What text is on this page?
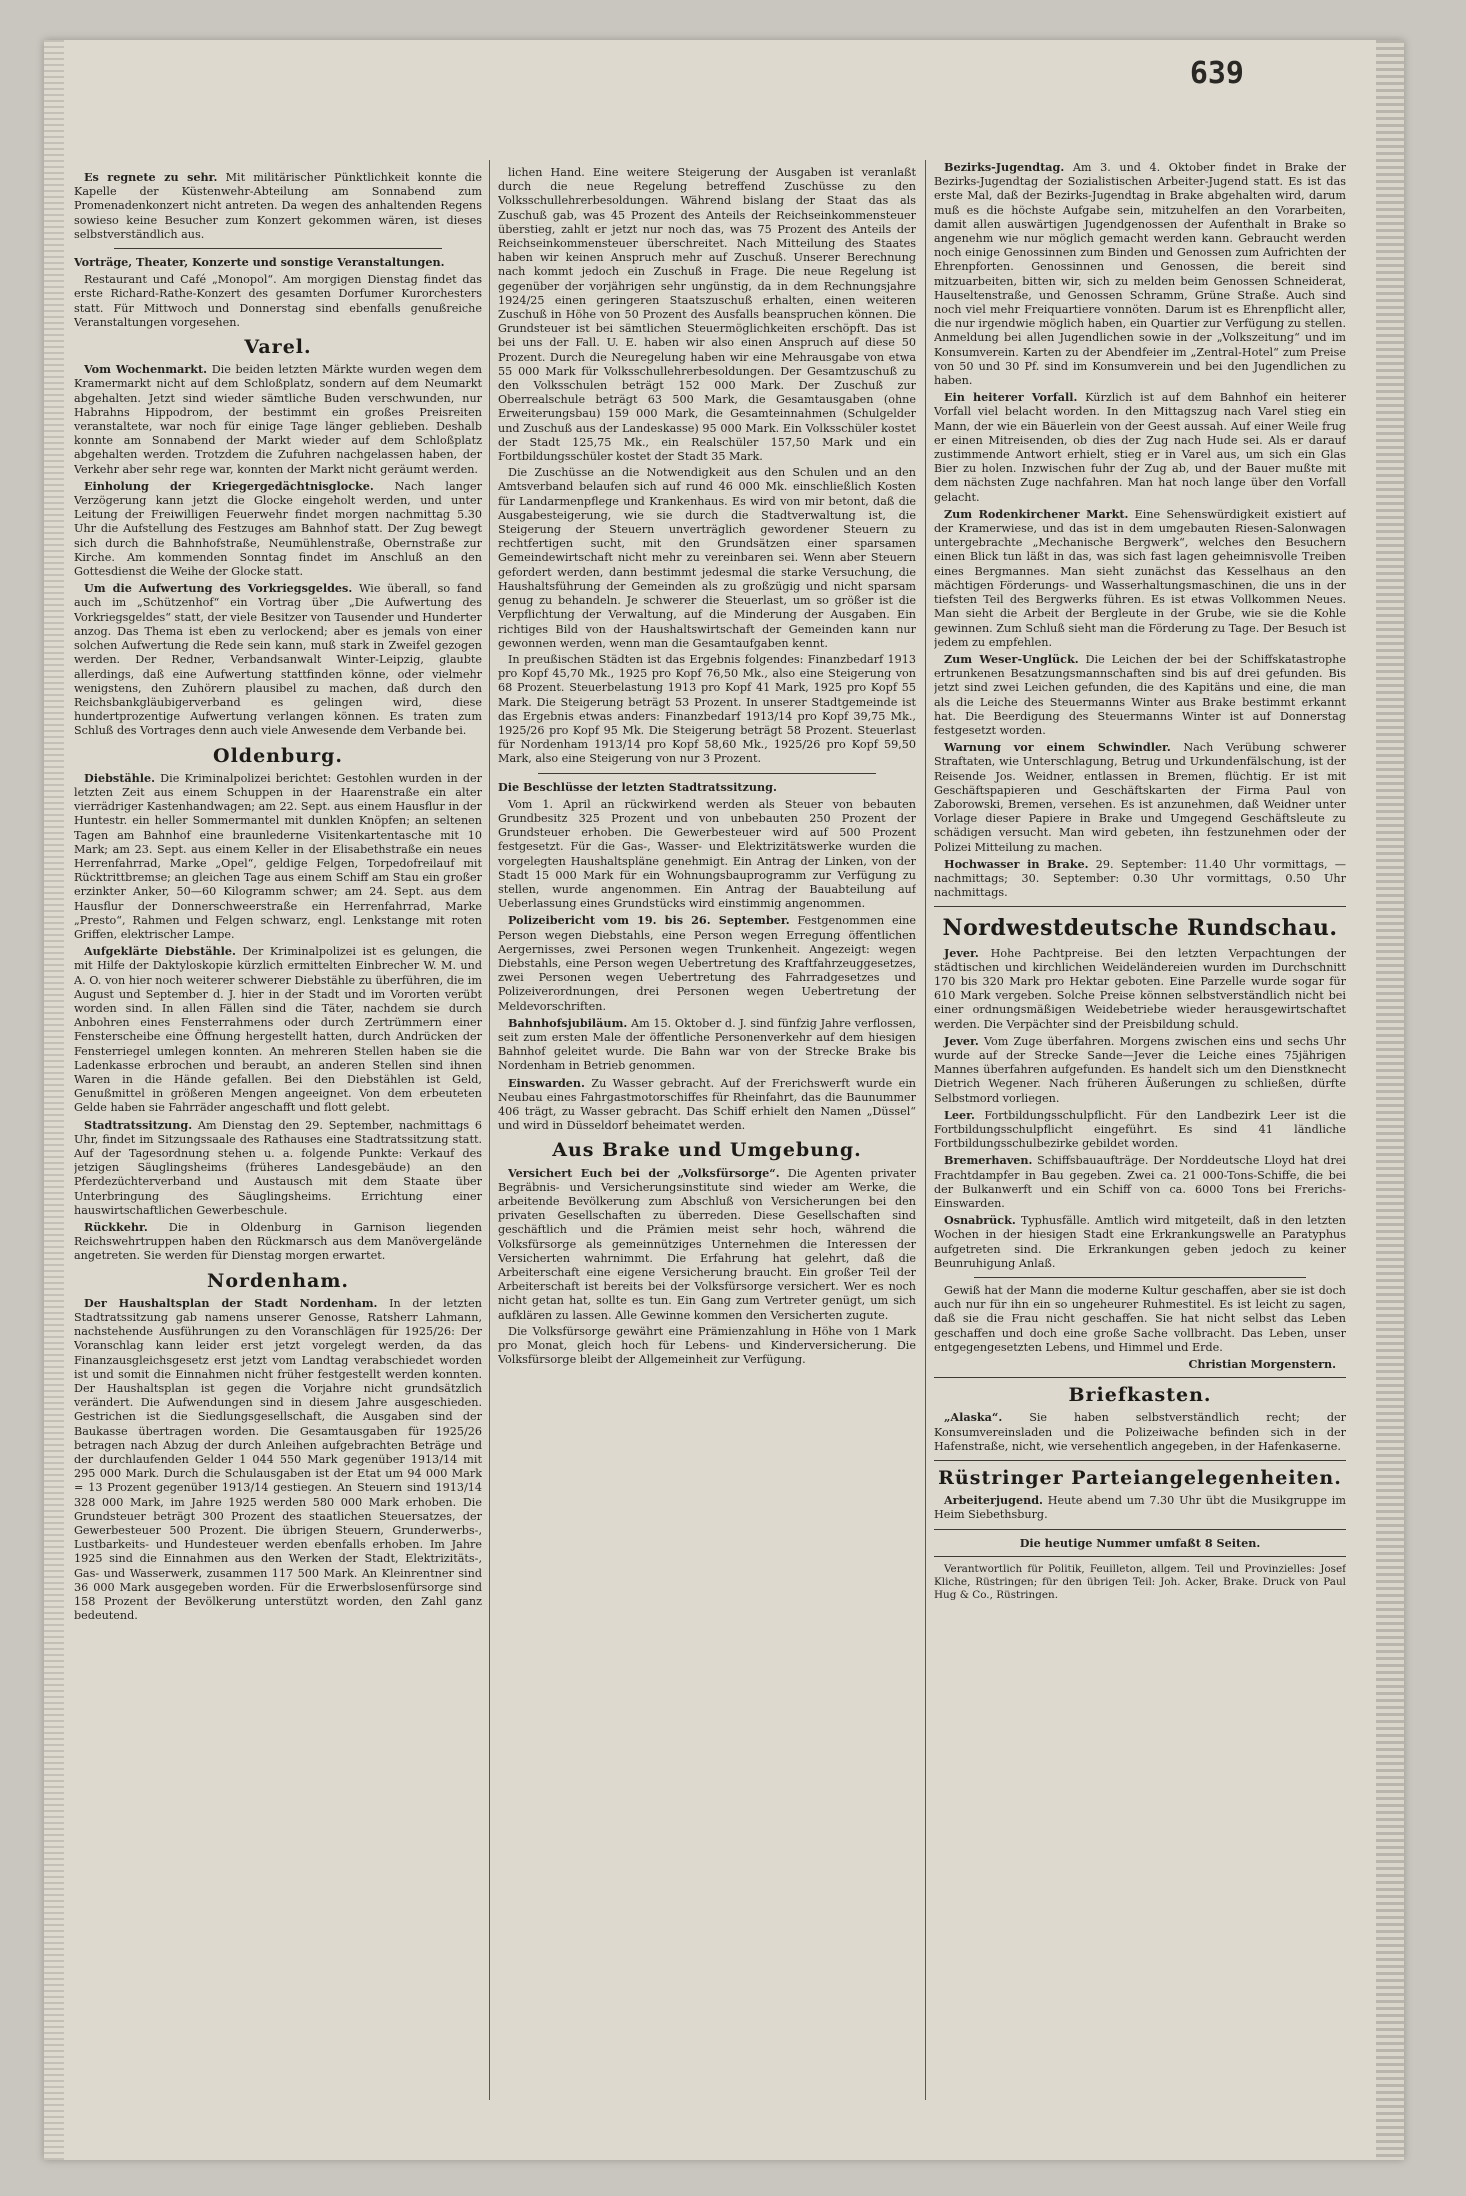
639

Es regnete zu sehr. Mit militärischer Pünktlichkeit konnte die Kapelle der Küstenwehr-Abteilung am Sonnabend zum Promenadenkonzert nicht antreten. Da wegen des anhaltenden Regens sowieso keine Besucher zum Konzert gekommen wären, ist dieses selbstverständlich aus.

Vorträge, Theater, Konzerte und sonstige Veranstaltungen.

Restaurant und Café „Monopol“. Am morgigen Dienstag findet das erste Richard-Rathe-Konzert des gesamten Dorfumer Kurorchesters statt. Für Mittwoch und Donnerstag sind ebenfalls genußreiche Veranstaltungen vorgesehen.

Varel.

Vom Wochenmarkt. Die beiden letzten Märkte wurden wegen dem Kramermarkt nicht auf dem Schloßplatz, sondern auf dem Neumarkt abgehalten. Jetzt sind wieder sämtliche Buden verschwunden, nur Habrahns Hippodrom, der bestimmt ein großes Preisreiten veranstaltete, war noch für einige Tage länger geblieben. Deshalb konnte am Sonnabend der Markt wieder auf dem Schloßplatz abgehalten werden. Trotzdem die Zufuhren nachgelassen haben, der Verkehr aber sehr rege war, konnten der Markt nicht geräumt werden.

Einholung der Kriegergedächtnisglocke. Nach langer Verzögerung kann jetzt die Glocke eingeholt werden, und unter Leitung der Freiwilligen Feuerwehr findet morgen nachmittag 5.30 Uhr die Aufstellung des Festzuges am Bahnhof statt. Der Zug bewegt sich durch die Bahnhofstraße, Neumühlenstraße, Obernstraße zur Kirche. Am kommenden Sonntag findet im Anschluß an den Gottesdienst die Weihe der Glocke statt.

Um die Aufwertung des Vorkriegsgeldes. Wie überall, so fand auch im „Schützenhof“ ein Vortrag über „Die Aufwertung des Vorkriegsgeldes“ statt, der viele Besitzer von Tausender und Hunderter anzog. Das Thema ist eben zu verlockend; aber es jemals von einer solchen Aufwertung die Rede sein kann, muß stark in Zweifel gezogen werden. Der Redner, Verbandsanwalt Winter-Leipzig, glaubte allerdings, daß eine Aufwertung stattfinden könne, oder vielmehr wenigstens, den Zuhörern plausibel zu machen, daß durch den Reichsbankgläubigerverband es gelingen wird, diese hundertprozentige Aufwertung verlangen können. Es traten zum Schluß des Vortrages denn auch viele Anwesende dem Verbande bei.

Oldenburg.

Diebstähle. Die Kriminalpolizei berichtet: Gestohlen wurden in der letzten Zeit aus einem Schuppen in der Haarenstraße ein alter vierrädriger Kastenhandwagen; am 22. Sept. aus einem Hausflur in der Huntestr. ein heller Sommermantel mit dunklen Knöpfen; an seltenen Tagen am Bahnhof eine braunlederne Visitenkartentasche mit 10 Mark; am 23. Sept. aus einem Keller in der Elisabethstraße ein neues Herrenfahrrad, Marke „Opel“, geldige Felgen, Torpedofreilauf mit Rücktrittbremse; an gleichen Tage aus einem Schiff am Stau ein großer erzinkter Anker, 50—60 Kilogramm schwer; am 24. Sept. aus dem Hausflur der Donnerschweerstraße ein Herrenfahrrad, Marke „Presto“, Rahmen und Felgen schwarz, engl. Lenkstange mit roten Griffen, elektrischer Lampe.

Aufgeklärte Diebstähle. Der Kriminalpolizei ist es gelungen, die mit Hilfe der Daktyloskopie kürzlich ermittelten Einbrecher W. M. und A. O. von hier noch weiterer schwerer Diebstähle zu überführen, die im August und September d. J. hier in der Stadt und im Vororten verübt worden sind. In allen Fällen sind die Täter, nachdem sie durch Anbohren eines Fensterrahmens oder durch Zertrümmern einer Fensterscheibe eine Öffnung hergestellt hatten, durch Andrücken der Fensterriegel umlegen konnten. An mehreren Stellen haben sie die Ladenkasse erbrochen und beraubt, an anderen Stellen sind ihnen Waren in die Hände gefallen. Bei den Diebstählen ist Geld, Genußmittel in größeren Mengen angeeignet. Von dem erbeuteten Gelde haben sie Fahrräder angeschafft und flott gelebt.

Stadtratssitzung. Am Dienstag den 29. September, nachmittags 6 Uhr, findet im Sitzungssaale des Rathauses eine Stadtratssitzung statt. Auf der Tagesordnung stehen u. a. folgende Punkte: Verkauf des jetzigen Säuglingsheims (früheres Landesgebäude) an den Pferdezüchterverband und Austausch mit dem Staate über Unterbringung des Säuglingsheims. Errichtung einer hauswirtschaftlichen Gewerbeschule.

Rückkehr. Die in Oldenburg in Garnison liegenden Reichswehrtruppen haben den Rückmarsch aus dem Manövergelände angetreten. Sie werden für Dienstag morgen erwartet.

Nordenham.

Der Haushaltsplan der Stadt Nordenham. In der letzten Stadtratssitzung gab namens unserer Genosse, Ratsherr Lahmann, nachstehende Ausführungen zu den Voranschlägen für 1925/26: Der Voranschlag kann leider erst jetzt vorgelegt werden, da das Finanzausgleichsgesetz erst jetzt vom Landtag verabschiedet worden ist und somit die Einnahmen nicht früher festgestellt werden konnten. Der Haushaltsplan ist gegen die Vorjahre nicht grundsätzlich verändert. Die Aufwendungen sind in diesem Jahre ausgeschieden. Gestrichen ist die Siedlungsgesellschaft, die Ausgaben sind der Baukasse übertragen worden. Die Gesamtausgaben für 1925/26 betragen nach Abzug der durch Anleihen aufgebrachten Beträge und der durchlaufenden Gelder 1 044 550 Mark gegenüber 1913/14 mit 295 000 Mark. Durch die Schulausgaben ist der Etat um 94 000 Mark = 13 Prozent gegenüber 1913/14 gestiegen. An Steuern sind 1913/14 328 000 Mark, im Jahre 1925 werden 580 000 Mark erhoben. Die Grundsteuer beträgt 300 Prozent des staatlichen Steuersatzes, der Gewerbesteuer 500 Prozent. Die übrigen Steuern, Grunderwerbs-, Lustbarkeits- und Hundesteuer werden ebenfalls erhoben. Im Jahre 1925 sind die Einnahmen aus den Werken der Stadt, Elektrizitäts-, Gas- und Wasserwerk, zusammen 117 500 Mark. An Kleinrentner sind 36 000 Mark ausgegeben worden. Für die Erwerbslosenfürsorge sind 158 Prozent der Bevölkerung unterstützt worden, den Zahl ganz bedeutend.

lichen Hand. Eine weitere Steigerung der Ausgaben ist veranlaßt durch die neue Regelung betreffend Zuschüsse zu den Volksschullehrerbesoldungen. Während bislang der Staat das als Zuschuß gab, was 45 Prozent des Anteils der Reichseinkommensteuer überstieg, zahlt er jetzt nur noch das, was 75 Prozent des Anteils der Reichseinkommensteuer überschreitet. Nach Mitteilung des Staates haben wir keinen Anspruch mehr auf Zuschuß. Unserer Berechnung nach kommt jedoch ein Zuschuß in Frage. Die neue Regelung ist gegenüber der vorjährigen sehr ungünstig, da in dem Rechnungsjahre 1924/25 einen geringeren Staatszuschuß erhalten, einen weiteren Zuschuß in Höhe von 50 Prozent des Ausfalls beanspruchen können. Die Grundsteuer ist bei sämtlichen Steuermöglichkeiten erschöpft. Das ist bei uns der Fall. U. E. haben wir also einen Anspruch auf diese 50 Prozent. Durch die Neuregelung haben wir eine Mehrausgabe von etwa 55 000 Mark für Volksschullehrerbesoldungen. Der Gesamtzuschuß zu den Volksschulen beträgt 152 000 Mark. Der Zuschuß zur Oberrealschule beträgt 63 500 Mark, die Gesamtausgaben (ohne Erweiterungsbau) 159 000 Mark, die Gesamteinnahmen (Schulgelder und Zuschuß aus der Landeskasse) 95 000 Mark. Ein Volksschüler kostet der Stadt 125,75 Mk., ein Realschüler 157,50 Mark und ein Fortbildungsschüler kostet der Stadt 35 Mark.

Die Zuschüsse an die Notwendigkeit aus den Schulen und an den Amtsverband belaufen sich auf rund 46 000 Mk. einschließlich Kosten für Landarmenpflege und Krankenhaus. Es wird von mir betont, daß die Ausgabesteigerung, wie sie durch die Stadtverwaltung ist, die Steigerung der Steuern unverträglich gewordener Steuern zu rechtfertigen sucht, mit den Grundsätzen einer sparsamen Gemeindewirtschaft nicht mehr zu vereinbaren sei. Wenn aber Steuern gefordert werden, dann bestimmt jedesmal die starke Versuchung, die Haushaltsführung der Gemeinden als zu großzügig und nicht sparsam genug zu behandeln. Je schwerer die Steuerlast, um so größer ist die Verpflichtung der Verwaltung, auf die Minderung der Ausgaben. Ein richtiges Bild von der Haushaltswirtschaft der Gemeinden kann nur gewonnen werden, wenn man die Gesamtaufgaben kennt.

In preußischen Städten ist das Ergebnis folgendes: Finanzbedarf 1913 pro Kopf 45,70 Mk., 1925 pro Kopf 76,50 Mk., also eine Steigerung von 68 Prozent. Steuerbelastung 1913 pro Kopf 41 Mark, 1925 pro Kopf 55 Mark. Die Steigerung beträgt 53 Prozent. In unserer Stadtgemeinde ist das Ergebnis etwas anders: Finanzbedarf 1913/14 pro Kopf 39,75 Mk., 1925/26 pro Kopf 95 Mk. Die Steigerung beträgt 58 Prozent. Steuerlast für Nordenham 1913/14 pro Kopf 58,60 Mk., 1925/26 pro Kopf 59,50 Mark, also eine Steigerung von nur 3 Prozent.

Die Beschlüsse der letzten Stadtratssitzung.

Vom 1. April an rückwirkend werden als Steuer von bebauten Grundbesitz 325 Prozent und von unbebauten 250 Prozent der Grundsteuer erhoben. Die Gewerbesteuer wird auf 500 Prozent festgesetzt. Für die Gas-, Wasser- und Elektrizitätswerke wurden die vorgelegten Haushaltspläne genehmigt. Ein Antrag der Linken, von der Stadt 15 000 Mark für ein Wohnungsbauprogramm zur Verfügung zu stellen, wurde angenommen. Ein Antrag der Bauabteilung auf Ueberlassung eines Grundstücks wird einstimmig angenommen.

Polizeibericht vom 19. bis 26. September. Festgenommen eine Person wegen Diebstahls, eine Person wegen Erregung öffentlichen Aergernisses, zwei Personen wegen Trunkenheit. Angezeigt: wegen Diebstahls, eine Person wegen Uebertretung des Kraftfahrzeuggesetzes, zwei Personen wegen Uebertretung des Fahrradgesetzes und Polizeiverordnungen, drei Personen wegen Uebertretung der Meldevorschriften.

Bahnhofsjubiläum. Am 15. Oktober d. J. sind fünfzig Jahre verflossen, seit zum ersten Male der öffentliche Personenverkehr auf dem hiesigen Bahnhof geleitet wurde. Die Bahn war von der Strecke Brake bis Nordenham in Betrieb genommen.

Einswarden. Zu Wasser gebracht. Auf der Frerichswerft wurde ein Neubau eines Fahrgastmotorschiffes für Rheinfahrt, das die Baunummer 406 trägt, zu Wasser gebracht. Das Schiff erhielt den Namen „Düssel“ und wird in Düsseldorf beheimatet werden.

Aus Brake und Umgebung.

Versichert Euch bei der „Volksfürsorge“. Die Agenten privater Begräbnis- und Versicherungsinstitute sind wieder am Werke, die arbeitende Bevölkerung zum Abschluß von Versicherungen bei den privaten Gesellschaften zu überreden. Diese Gesellschaften sind geschäftlich und die Prämien meist sehr hoch, während die Volksfürsorge als gemeinnütziges Unternehmen die Interessen der Versicherten wahrnimmt. Die Erfahrung hat gelehrt, daß die Arbeiterschaft eine eigene Versicherung braucht. Ein großer Teil der Arbeiterschaft ist bereits bei der Volksfürsorge versichert. Wer es noch nicht getan hat, sollte es tun. Ein Gang zum Vertreter genügt, um sich aufklären zu lassen. Alle Gewinne kommen den Versicherten zugute.

Die Volksfürsorge gewährt eine Prämienzahlung in Höhe von 1 Mark pro Monat, gleich hoch für Lebens- und Kinderversicherung. Die Volksfürsorge bleibt der Allgemeinheit zur Verfügung.

Bezirks-Jugendtag. Am 3. und 4. Oktober findet in Brake der Bezirks-Jugendtag der Sozialistischen Arbeiter-Jugend statt. Es ist das erste Mal, daß der Bezirks-Jugendtag in Brake abgehalten wird, darum muß es die höchste Aufgabe sein, mitzuhelfen an den Vorarbeiten, damit allen auswärtigen Jugendgenossen der Aufenthalt in Brake so angenehm wie nur möglich gemacht werden kann. Gebraucht werden noch einige Genossinnen zum Binden und Genossen zum Aufrichten der Ehrenpforten. Genossinnen und Genossen, die bereit sind mitzuarbeiten, bitten wir, sich zu melden beim Genossen Schneiderat, Hauseltenstraße, und Genossen Schramm, Grüne Straße. Auch sind noch viel mehr Freiquartiere vonnöten. Darum ist es Ehrenpflicht aller, die nur irgendwie möglich haben, ein Quartier zur Verfügung zu stellen. Anmeldung bei allen Jugendlichen sowie in der „Volkszeitung“ und im Konsumverein. Karten zu der Abendfeier im „Zentral-Hotel“ zum Preise von 50 und 30 Pf. sind im Konsumverein und bei den Jugendlichen zu haben.

Ein heiterer Vorfall. Kürzlich ist auf dem Bahnhof ein heiterer Vorfall viel belacht worden. In den Mittagszug nach Varel stieg ein Mann, der wie ein Bäuerlein von der Geest aussah. Auf einer Weile frug er einen Mitreisenden, ob dies der Zug nach Hude sei. Als er darauf zustimmende Antwort erhielt, stieg er in Varel aus, um sich ein Glas Bier zu holen. Inzwischen fuhr der Zug ab, und der Bauer mußte mit dem nächsten Zuge nachfahren. Man hat noch lange über den Vorfall gelacht.

Zum Rodenkirchener Markt. Eine Sehenswürdigkeit existiert auf der Kramerwiese, und das ist in dem umgebauten Riesen-Salonwagen untergebrachte „Mechanische Bergwerk“, welches den Besuchern einen Blick tun läßt in das, was sich fast lagen geheimnisvolle Treiben eines Bergmannes. Man sieht zunächst das Kesselhaus an den mächtigen Förderungs- und Wasserhaltungsmaschinen, die uns in der tiefsten Teil des Bergwerks führen. Es ist etwas Vollkommen Neues. Man sieht die Arbeit der Bergleute in der Grube, wie sie die Kohle gewinnen. Zum Schluß sieht man die Förderung zu Tage. Der Besuch ist jedem zu empfehlen.

Zum Weser-Unglück. Die Leichen der bei der Schiffskatastrophe ertrunkenen Besatzungsmannschaften sind bis auf drei gefunden. Bis jetzt sind zwei Leichen gefunden, die des Kapitäns und eine, die man als die Leiche des Steuermanns Winter aus Brake bestimmt erkannt hat. Die Beerdigung des Steuermanns Winter ist auf Donnerstag festgesetzt worden.

Warnung vor einem Schwindler. Nach Verübung schwerer Straftaten, wie Unterschlagung, Betrug und Urkundenfälschung, ist der Reisende Jos. Weidner, entlassen in Bremen, flüchtig. Er ist mit Geschäftspapieren und Geschäftskarten der Firma Paul von Zaborowski, Bremen, versehen. Es ist anzunehmen, daß Weidner unter Vorlage dieser Papiere in Brake und Umgegend Geschäftsleute zu schädigen versucht. Man wird gebeten, ihn festzunehmen oder der Polizei Mitteilung zu machen.

Hochwasser in Brake. 29. September: 11.40 Uhr vormittags, — nachmittags; 30. September: 0.30 Uhr vormittags, 0.50 Uhr nachmittags.

Nordwestdeutsche Rundschau.

Jever. Hohe Pachtpreise. Bei den letzten Verpachtungen der städtischen und kirchlichen Weideländereien wurden im Durchschnitt 170 bis 320 Mark pro Hektar geboten. Eine Parzelle wurde sogar für 610 Mark vergeben. Solche Preise können selbstverständlich nicht bei einer ordnungsmäßigen Weidebetriebe wieder herausgewirtschaftet werden. Die Verpächter sind der Preisbildung schuld.

Jever. Vom Zuge überfahren. Morgens zwischen eins und sechs Uhr wurde auf der Strecke Sande—Jever die Leiche eines 75jährigen Mannes überfahren aufgefunden. Es handelt sich um den Dienstknecht Dietrich Wegener. Nach früheren Äußerungen zu schließen, dürfte Selbstmord vorliegen.

Leer. Fortbildungsschulpflicht. Für den Landbezirk Leer ist die Fortbildungsschulpflicht eingeführt. Es sind 41 ländliche Fortbildungsschulbezirke gebildet worden.

Bremerhaven. Schiffsbauaufträge. Der Norddeutsche Lloyd hat drei Frachtdampfer in Bau gegeben. Zwei ca. 21 000-Tons-Schiffe, die bei der Bulkanwerft und ein Schiff von ca. 6000 Tons bei Frerichs-Einswarden.

Osnabrück. Typhusfälle. Amtlich wird mitgeteilt, daß in den letzten Wochen in der hiesigen Stadt eine Erkrankungswelle an Paratyphus aufgetreten sind. Die Erkrankungen geben jedoch zu keiner Beunruhigung Anlaß.

Gewiß hat der Mann die moderne Kultur geschaffen, aber sie ist doch auch nur für ihn ein so ungeheurer Ruhmestitel. Es ist leicht zu sagen, daß sie die Frau nicht geschaffen. Sie hat nicht selbst das Leben geschaffen und doch eine große Sache vollbracht. Das Leben, unser entgegengesetzten Lebens, und Himmel und Erde.

Christian Morgenstern.
Briefkasten.

„Alaska“. Sie haben selbstverständlich recht; der Konsumvereinsladen und die Polizeiwache befinden sich in der Hafenstraße, nicht, wie versehentlich angegeben, in der Hafenkaserne.

Rüstringer Parteiangelegenheiten.

Arbeiterjugend. Heute abend um 7.30 Uhr übt die Musikgruppe im Heim Siebethsburg.

Die heutige Nummer umfaßt 8 Seiten.

Verantwortlich für Politik, Feuilleton, allgem. Teil und Provinzielles: Josef Kliche, Rüstringen; für den übrigen Teil: Joh. Acker, Brake. Druck von Paul Hug & Co., Rüstringen.
